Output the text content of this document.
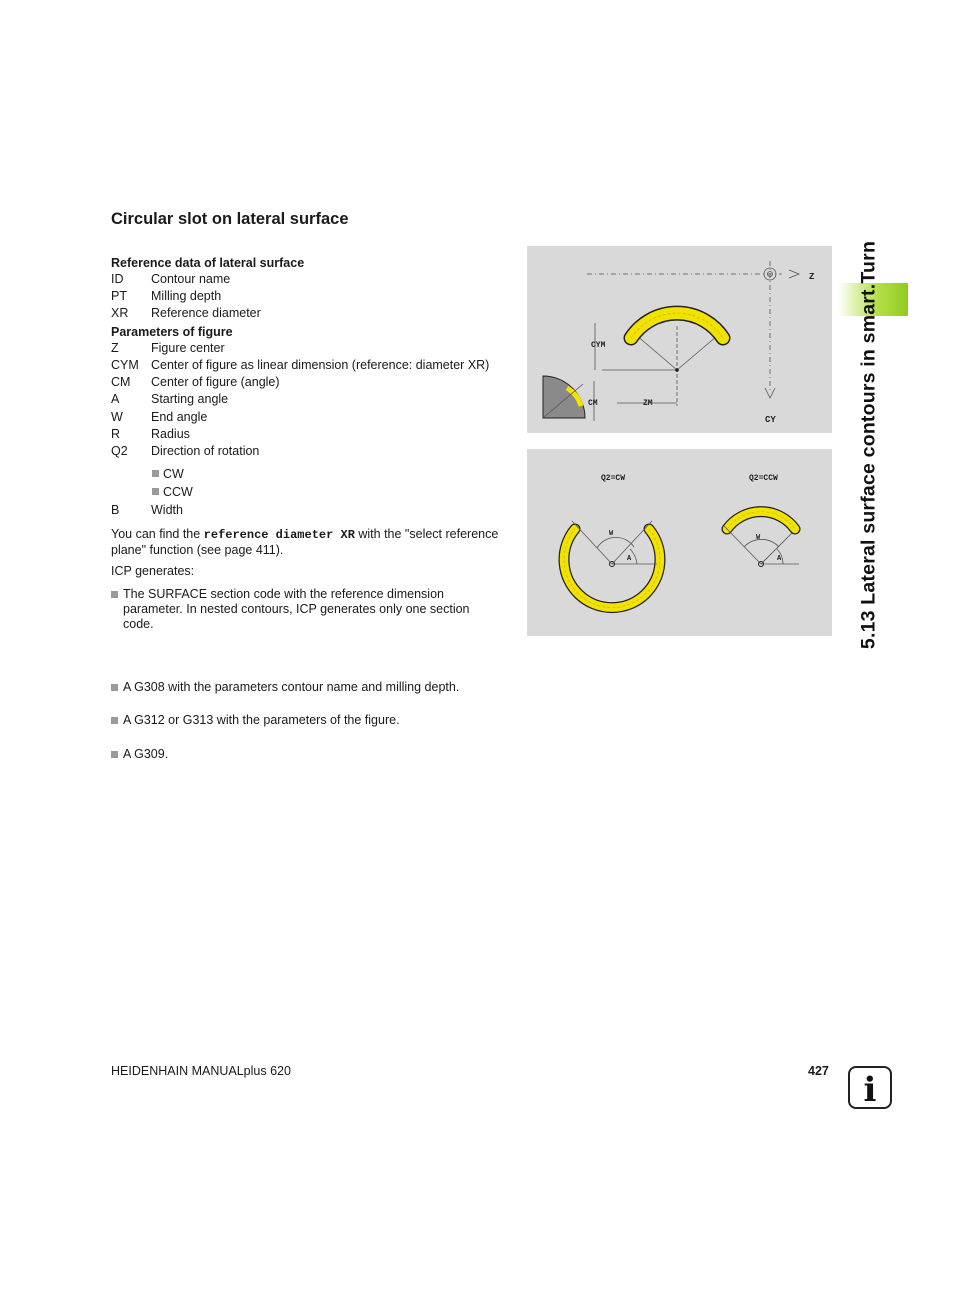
Circular slot on lateral surface
Reference data of lateral surface
ID Contour name
PT Milling depth
XR Reference diameter
Parameters of figure
Z	Figure center
CYM Center of figure as linear dimension (reference: diameter XR)
CM Center of figure (angle)
A	Starting angle
W End angle
R Radius
Q2 Direction of rotation
CW
CCW
B	Width
You can find the reference diameter XR with the "select reference
plane" function (see page 411).
ICP generates:
The SURFACE section code with the reference dimension
parameter. In nested contours, ICP generates only one section
code.
A G308 with the parameters contour name and milling depth.
A G312 or G313 with the parameters of the figure.
A G309.
Z
CY
CYM
CM	ZM
Q2=CW	Q2=CCW
W
A
W
A	5.13 Lateral surface contours in smart.Turn
HEIDENHAIN MANUALplus 620	427 i
